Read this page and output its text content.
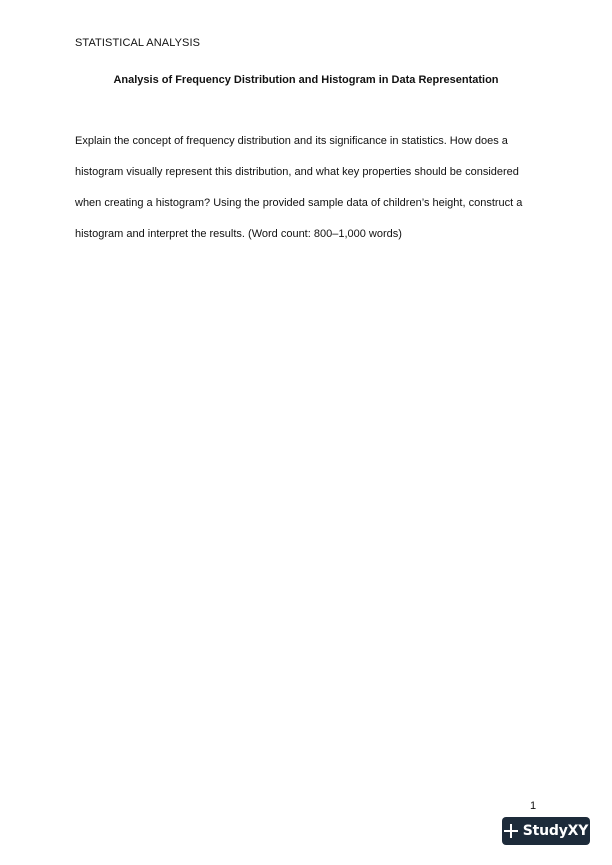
STATISTICAL ANALYSIS
Analysis of Frequency Distribution and Histogram in Data Representation
Explain the concept of frequency distribution and its significance in statistics. How does a
histogram visually represent this distribution, and what key properties should be considered
when creating a histogram? Using the provided sample data of children’s height, construct a
histogram and interpret the results. (Word count: 800–1,000 words)
1
StudyXY
